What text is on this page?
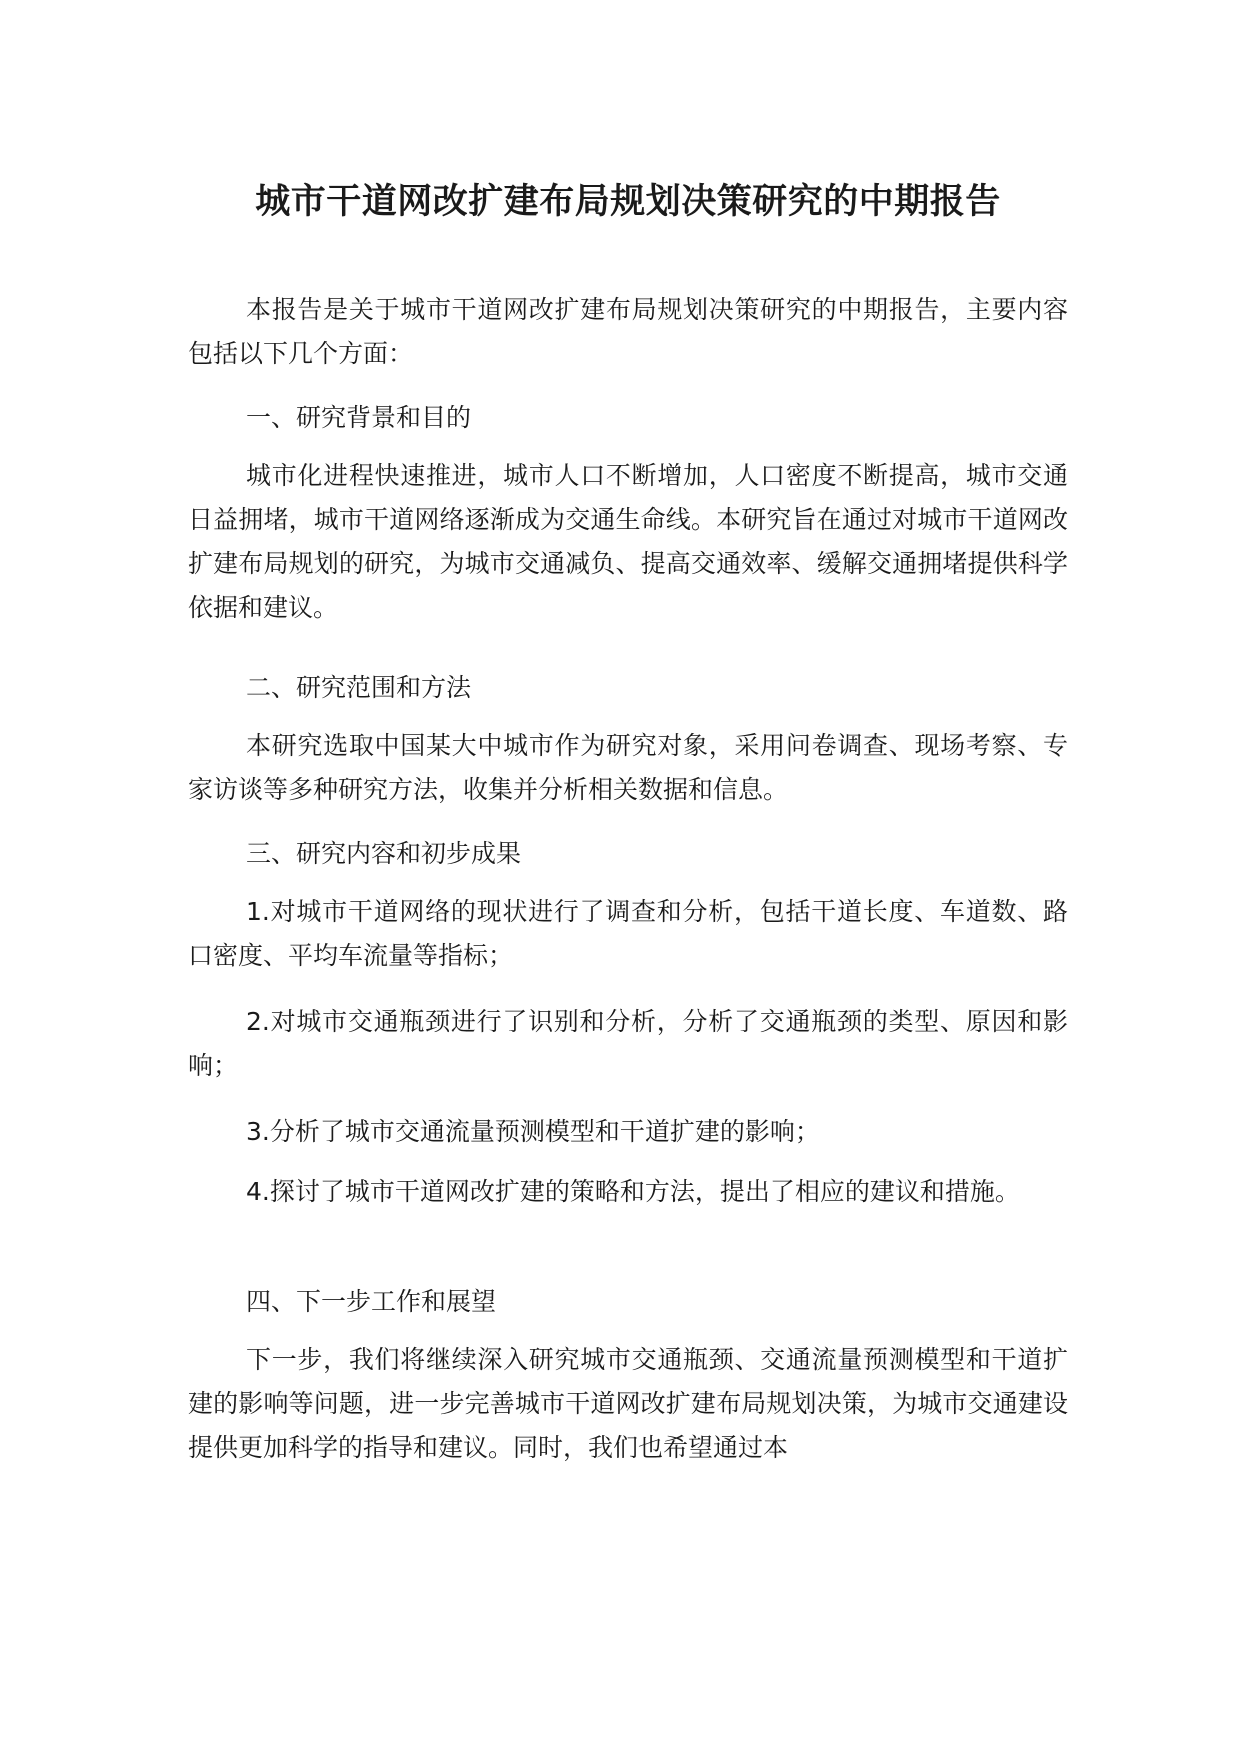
城市干道网改扩建布局规划决策研究的中期报告

本报告是关于城市干道网改扩建布局规划决策研究的中期报告，主要内容包括以下几个方面：

一、研究背景和目的

城市化进程快速推进，城市人口不断增加，人口密度不断提高，城市交通日益拥堵，城市干道网络逐渐成为交通生命线。本研究旨在通过对城市干道网改扩建布局规划的研究，为城市交通减负、提高交通效率、缓解交通拥堵提供科学依据和建议。

二、研究范围和方法

本研究选取中国某大中城市作为研究对象，采用问卷调查、现场考察、专家访谈等多种研究方法，收集并分析相关数据和信息。

三、研究内容和初步成果

1.对城市干道网络的现状进行了调查和分析，包括干道长度、车道数、路口密度、平均车流量等指标；

2.对城市交通瓶颈进行了识别和分析，分析了交通瓶颈的类型、原因和影响；

3.分析了城市交通流量预测模型和干道扩建的影响；

4.探讨了城市干道网改扩建的策略和方法，提出了相应的建议和措施。

四、下一步工作和展望

下一步，我们将继续深入研究城市交通瓶颈、交通流量预测模型和干道扩建的影响等问题，进一步完善城市干道网改扩建布局规划决策，为城市交通建设提供更加科学的指导和建议。同时，我们也希望通过本
